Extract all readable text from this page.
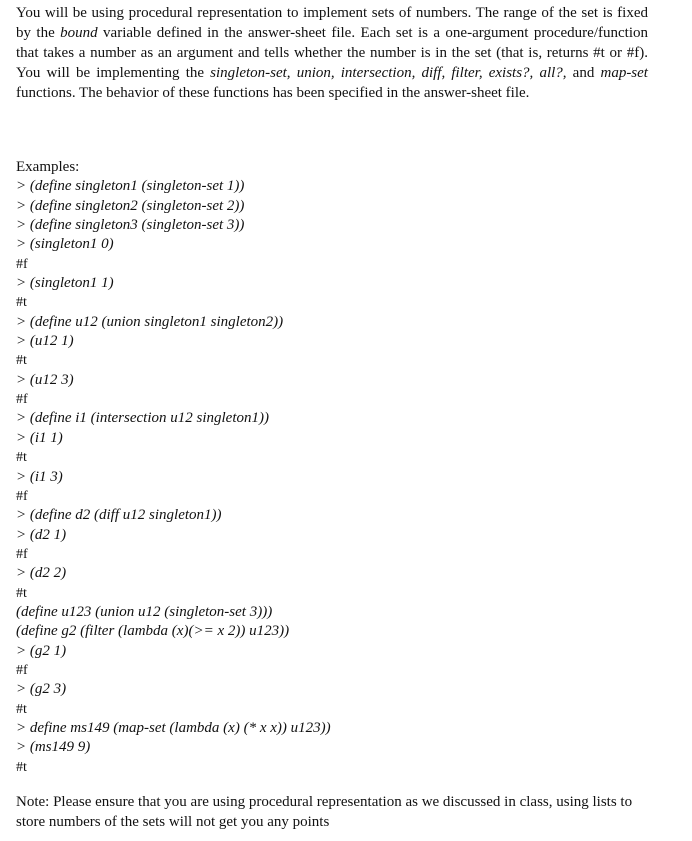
You will be using procedural representation to implement sets of numbers. The range of the set is fixed by the bound variable defined in the answer-sheet file. Each set is a one-argument procedure/function that takes a number as an argument and tells whether the number is in the set (that is, returns #t or #f). You will be implementing the singleton-set, union, intersection, diff, filter, exists?, all?, and map-set functions. The behavior of these functions has been specified in the answer-sheet file.

Examples:
> (define singleton1 (singleton-set 1))
> (define singleton2 (singleton-set 2))
> (define singleton3 (singleton-set 3))
> (singleton1 0)
#f
> (singleton1 1)
#t
> (define u12 (union singleton1 singleton2))
> (u12 1)
#t
> (u12 3)
#f
> (define i1 (intersection u12 singleton1))
> (i1 1)
#t
> (i1 3)
#f
> (define d2 (diff u12 singleton1))
> (d2 1)
#f
> (d2 2)
#t
(define u123 (union u12 (singleton-set 3)))
(define g2 (filter (lambda (x)(>= x 2)) u123))
> (g2 1)
#f
> (g2 3)
#t
> define ms149 (map-set (lambda (x) (* x x)) u123))
> (ms149 9)
#t

Note: Please ensure that you are using procedural representation as we discussed in class, using lists to store numbers of the sets will not get you any points
